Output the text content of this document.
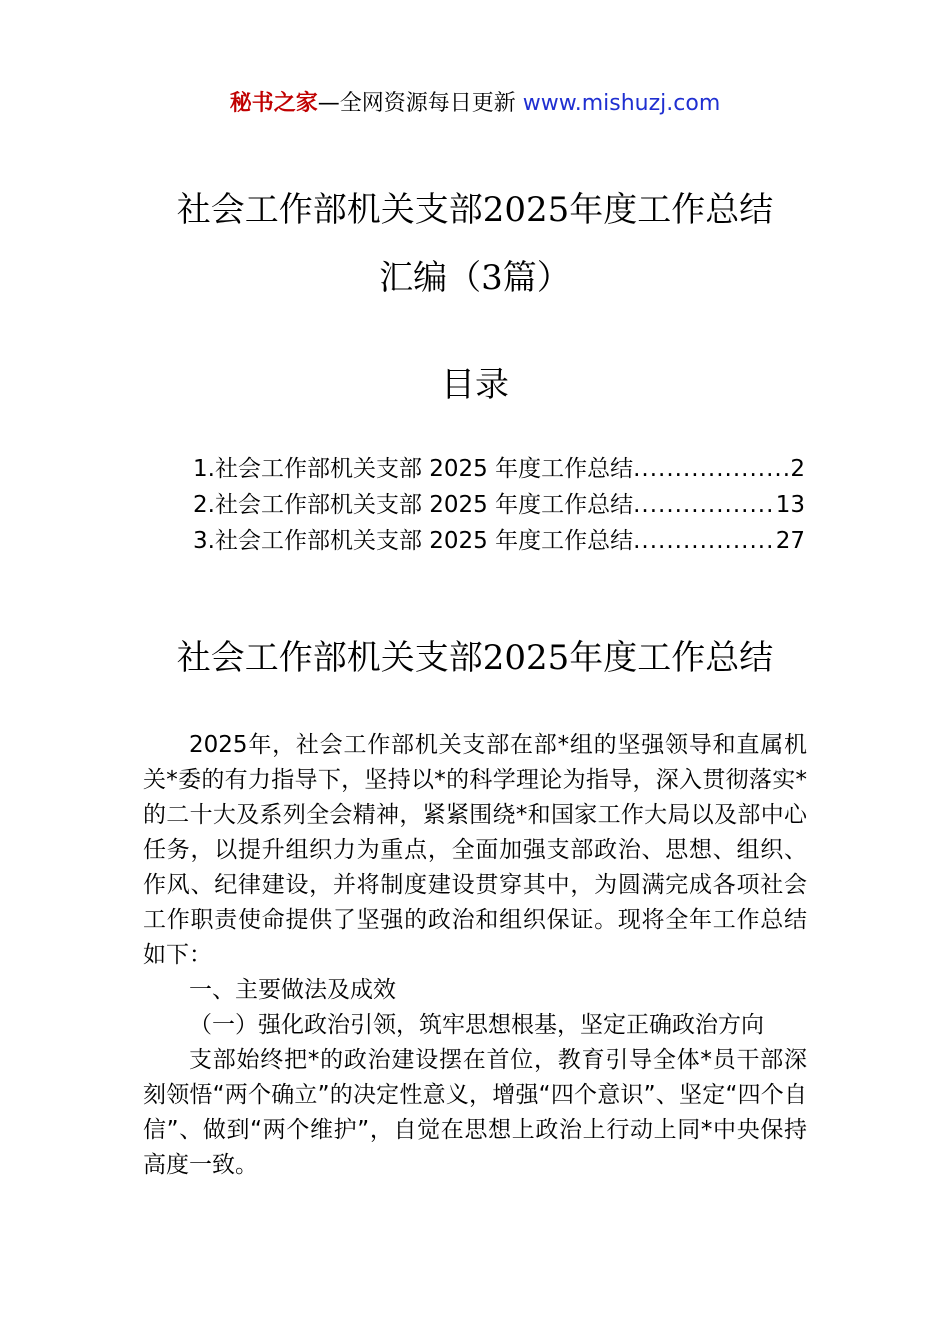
秘书之家—全网资源每日更新 www.mishuzj.com
社会工作部机关支部2025年度工作总结
汇编（3篇）
目录
1.社会工作部机关支部 2025 年度工作总结 .....	2
2.社会工作部机关支部 2025 年度工作总结 .....	13
3.社会工作部机关支部 2025 年度工作总结 .....	27
社会工作部机关支部2025年度工作总结

2025年，社会工作部机关支部在部*组的坚强领导和直属机关*委的有力指导下，坚持以*的科学理论为指导，深入贯彻落实*的二十大及系列全会精神，紧紧围绕*和国家工作大局以及部中心任务，以提升组织力为重点，全面加强支部政治、思想、组织、作风、纪律建设，并将制度建设贯穿其中，为圆满完成各项社会工作职责使命提供了坚强的政治和组织保证。现将全年工作总结如下：

一、主要做法及成效

（一）强化政治引领，筑牢思想根基，坚定正确政治方向

支部始终把*的政治建设摆在首位，教育引导全体*员干部深刻领悟“两个确立”的决定性意义，增强“四个意识”、坚定“四个自信”、做到“两个维护”，自觉在思想上政治上行动上同*中央保持高度一致。
